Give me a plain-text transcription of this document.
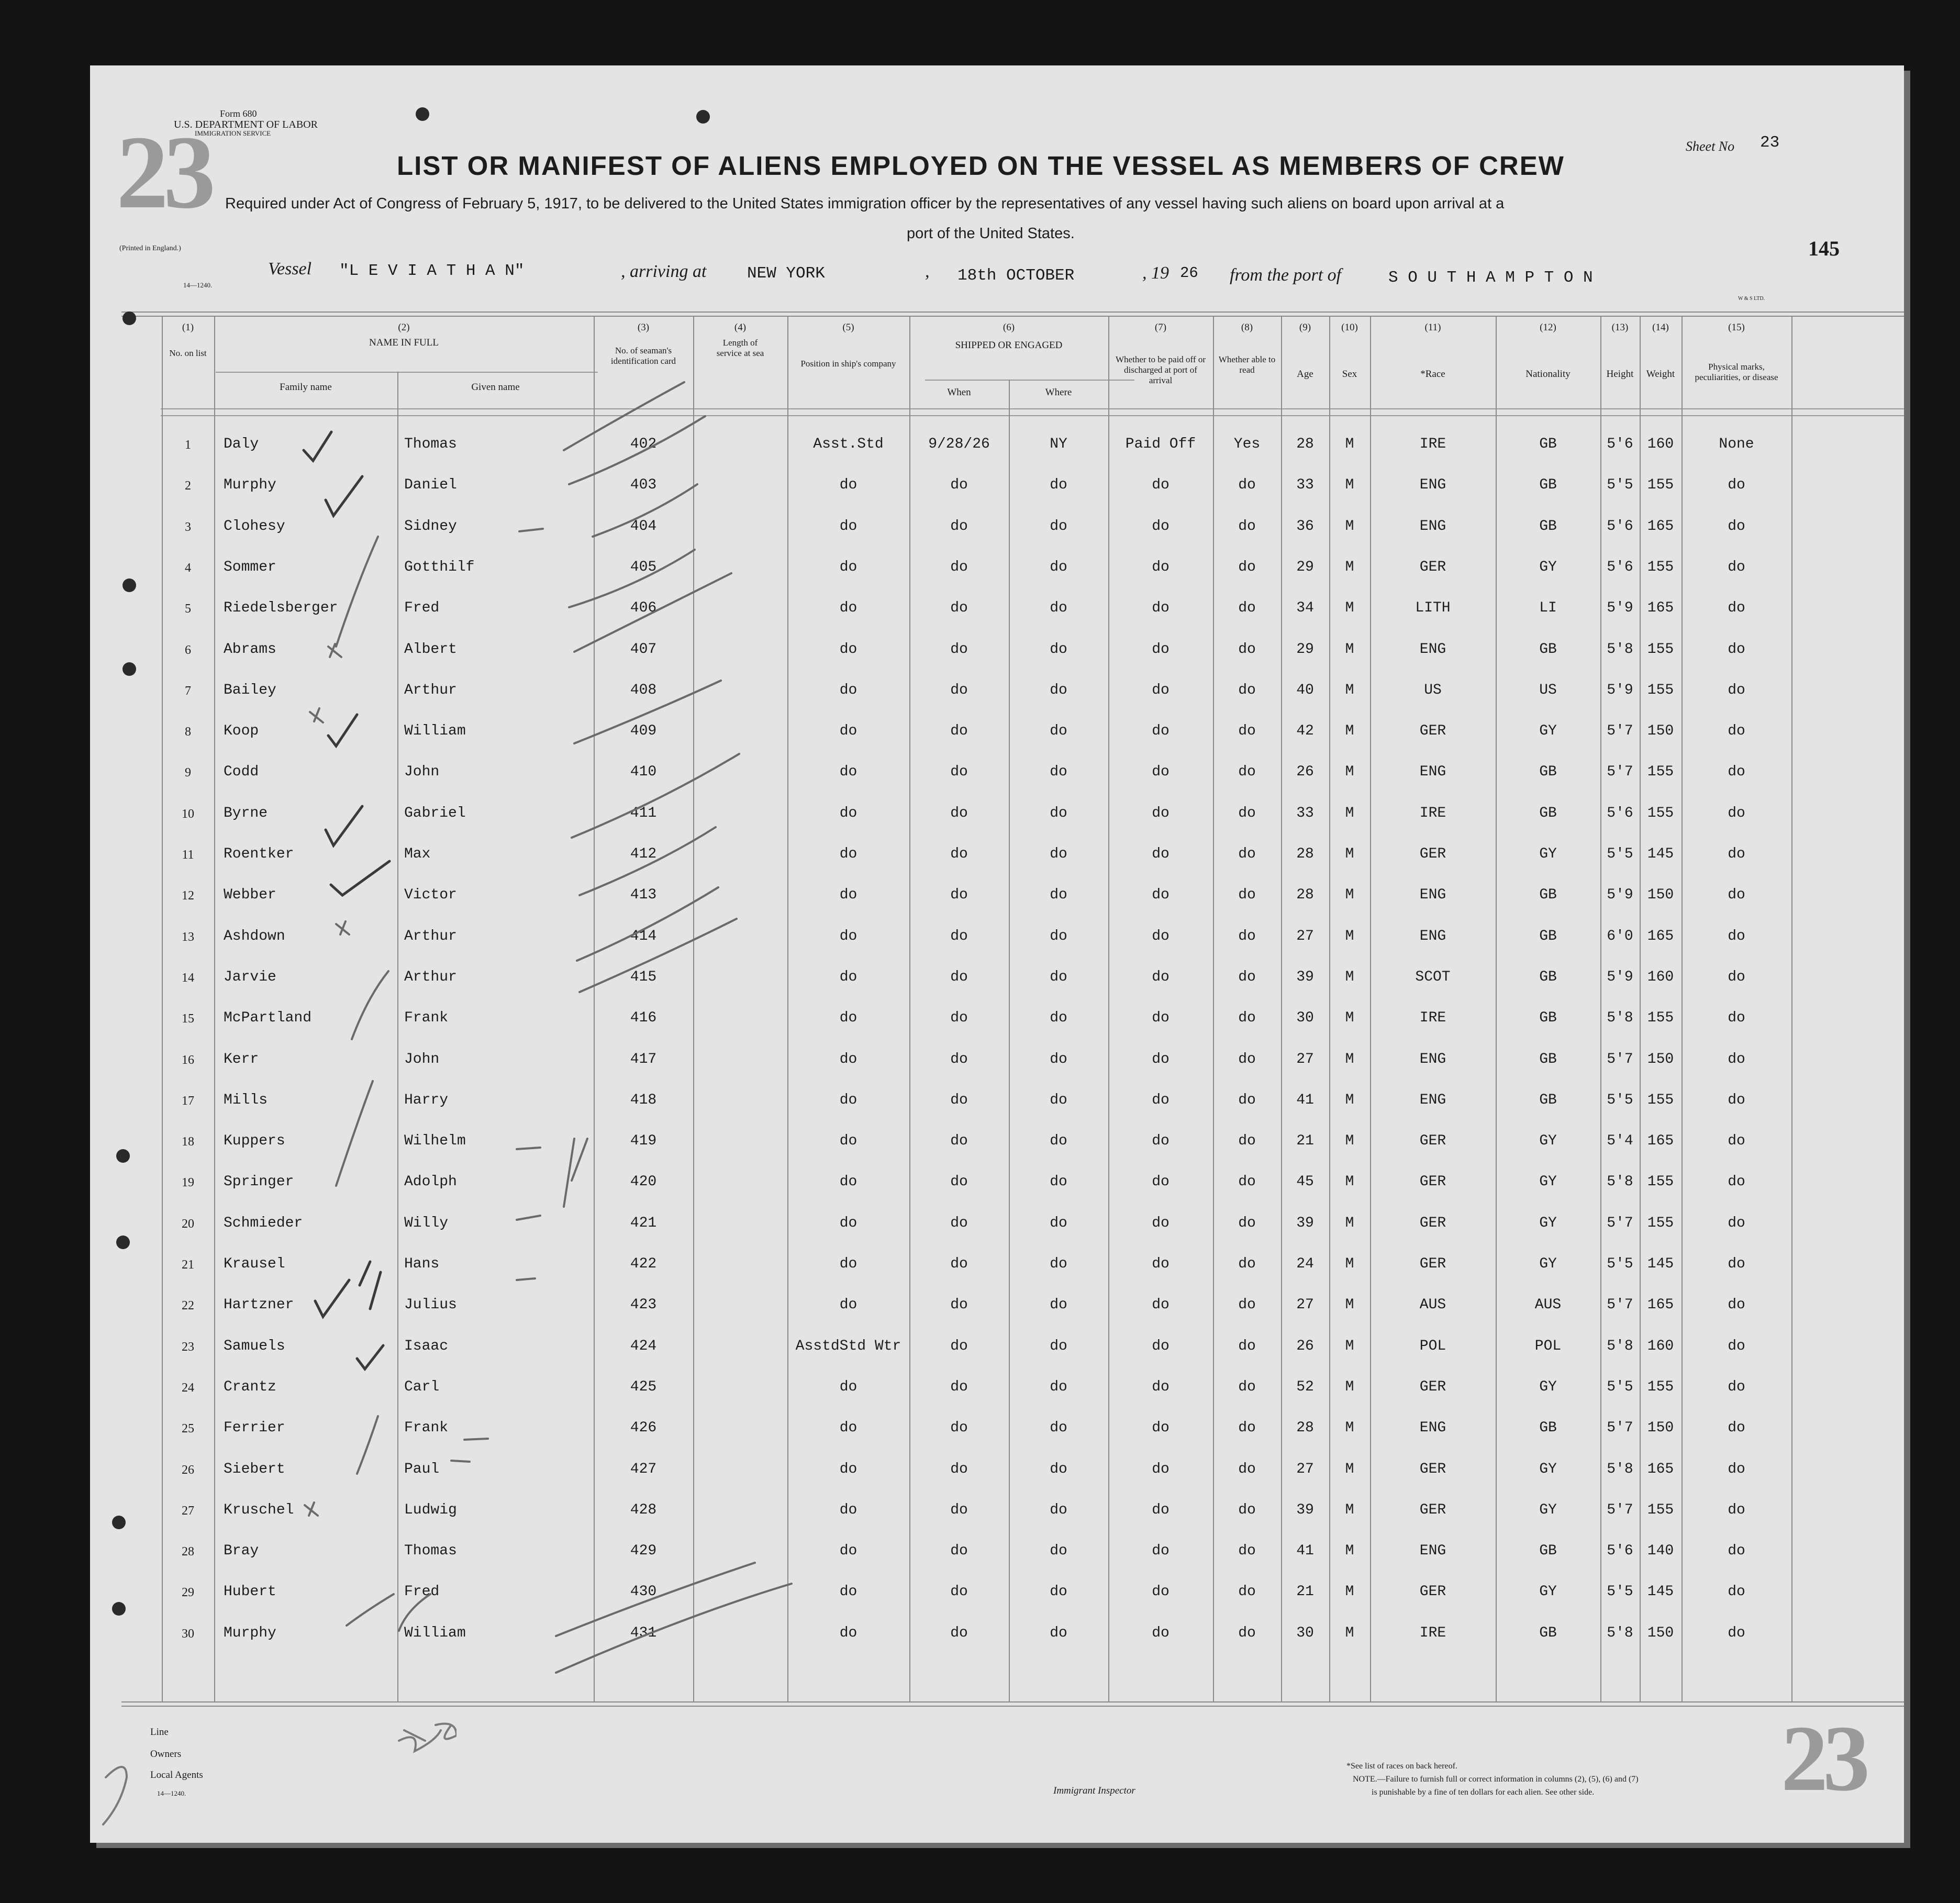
Form 680
U.S. DEPARTMENT OF LABOR
IMMIGRATION SERVICE
23
(Printed in England.)
14—1240.
LIST OR MANIFEST OF ALIENS EMPLOYED ON THE VESSEL AS MEMBERS OF CREW
Required under Act of Congress of February 5, 1917, to be delivered to the United States immigration officer by the representatives of any vessel having such aliens on board upon arrival at a
port of the United States.
Sheet No 23
145
W & S LTD.
Vessel "L E V I A T H A N"	, arriving at	NEW YORK	, 18th OCTOBER	, 19 26 from the port of	S O U T H A M P T O N
(1)
No. on list
(2)
NAME IN FULL
Family name	Given name
(3)
No. of seaman's identification card
(4)
Length of service at sea
(5)
Position in ship's company
(6)
SHIPPED OR ENGAGED
When	Where
(7)
Whether to be paid off or discharged at port of arrival
(8)
Whether able to read
(9)
Age
(10)
Sex
(11)
*Race
(12)
Nationality
(13)
Height
(14)
Weight
(15)
Physical marks, peculiarities, or disease
1	Daly	Thomas	402	Asst.Std	9/28/26	NY	Paid Off	Yes	28	M	IRE	GB	5'6 160	None
2	Murphy	Daniel	403	do	do	do	do	do	33	M	ENG	GB	5'5 155	do
3	Clohesy	Sidney	404	do	do	do	do	do	36	M	ENG	GB	5'6 165	do
4	Sommer	Gotthilf	405	do	do	do	do	do	29	M	GER	GY	5'6 155	do
5	Riedelsberger	Fred	406	do	do	do	do	do	34	M	LITH	LI	5'9 165	do
6	Abrams	Albert	407	do	do	do	do	do	29	M	ENG	GB	5'8 155	do
7	Bailey	Arthur	408	do	do	do	do	do	40	M	US	US	5'9 155	do
8	Koop	William	409	do	do	do	do	do	42	M	GER	GY	5'7 150	do
9	Codd	John	410	do	do	do	do	do	26	M	ENG	GB	5'7 155	do
10	Byrne	Gabriel	411	do	do	do	do	do	33	M	IRE	GB	5'6 155	do
11	Roentker	Max	412	do	do	do	do	do	28	M	GER	GY	5'5 145	do
12	Webber	Victor	413	do	do	do	do	do	28	M	ENG	GB	5'9 150	do
13	Ashdown	Arthur	414	do	do	do	do	do	27	M	ENG	GB	6'0 165	do
14	Jarvie	Arthur	415	do	do	do	do	do	39	M	SCOT	GB	5'9 160	do
15	McPartland	Frank	416	do	do	do	do	do	30	M	IRE	GB	5'8 155	do
16	Kerr	John	417	do	do	do	do	do	27	M	ENG	GB	5'7 150	do
17	Mills	Harry	418	do	do	do	do	do	41	M	ENG	GB	5'5 155	do
18	Kuppers	Wilhelm	419	do	do	do	do	do	21	M	GER	GY	5'4 165	do
19	Springer	Adolph	420	do	do	do	do	do	45	M	GER	GY	5'8 155	do
20	Schmieder	Willy	421	do	do	do	do	do	39	M	GER	GY	5'7 155	do
21	Krausel	Hans	422	do	do	do	do	do	24	M	GER	GY	5'5 145	do
22	Hartzner	Julius	423	do	do	do	do	do	27	M	AUS	AUS	5'7 165	do
23	Samuels	Isaac	424	AsstdStd Wtr	do	do	do	do	26	M	POL	POL	5'8 160	do
24	Crantz	Carl	425	do	do	do	do	do	52	M	GER	GY	5'5 155	do
25	Ferrier	Frank	426	do	do	do	do	do	28	M	ENG	GB	5'7 150	do
26	Siebert	Paul	427	do	do	do	do	do	27	M	GER	GY	5'8 165	do
27	Kruschel	Ludwig	428	do	do	do	do	do	39	M	GER	GY	5'7 155	do
28	Bray	Thomas	429	do	do	do	do	do	41	M	ENG	GB	5'6 140	do
29	Hubert	Fred	430	do	do	do	do	do	21	M	GER	GY	5'5 145	do
30	Murphy	William	431	do	do	do	do	do	30	M	IRE	GB	5'8 150	do
Line
Owners
Local Agents
14—1240.	Immigrant Inspector
*See list of races on back hereof.
NOTE.—Failure to furnish full or correct information in columns (2), (5), (6) and (7)
is punishable by a fine of ten dollars for each alien. See other side. 23
